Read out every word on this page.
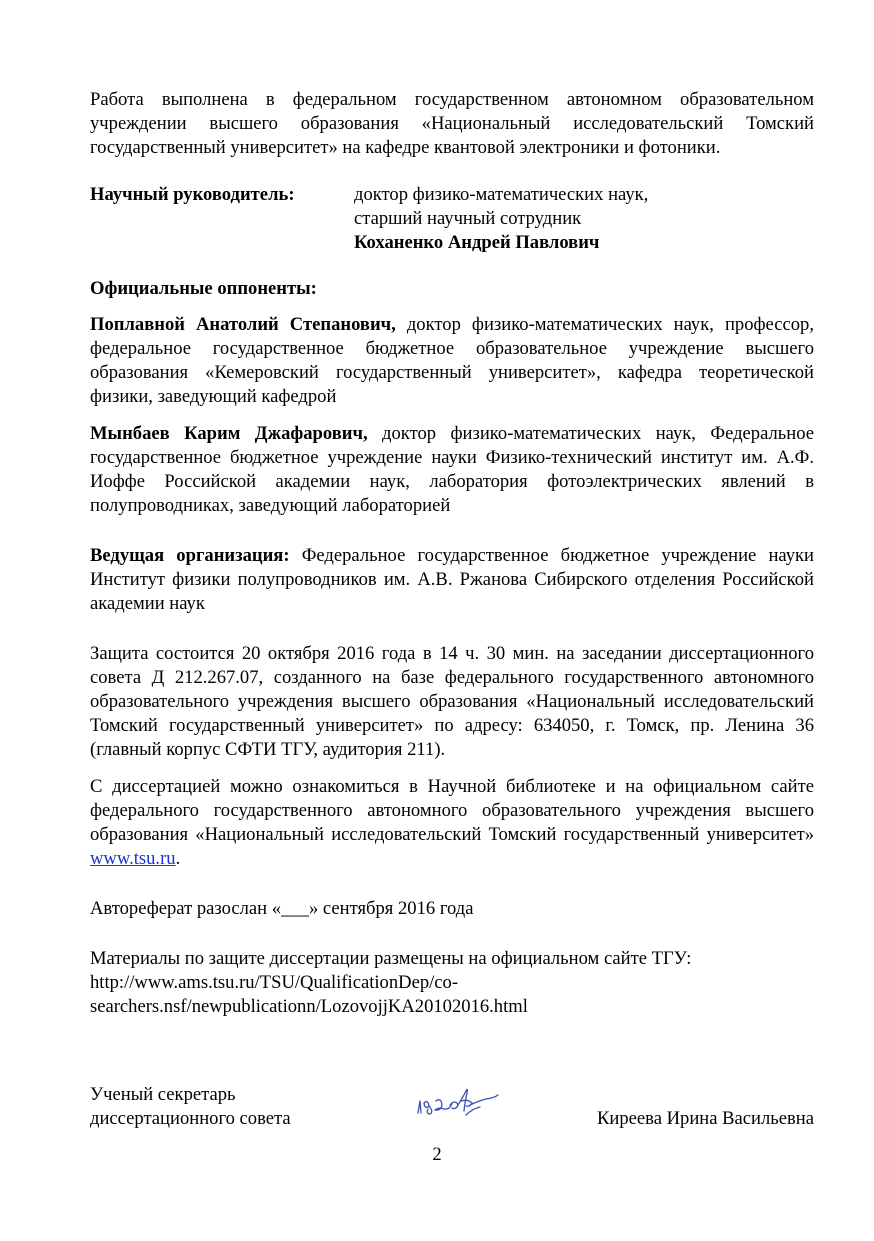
Работа выполнена в федеральном государственном автономном образовательном учреждении высшего образования «Национальный исследовательский Томский государственный университет» на кафедре квантовой электроники и фотоники.

Научный руководитель:	доктор физико-математических наук,
старший научный сотрудник
Коханенко Андрей Павлович

Официальные оппоненты:

Поплавной Анатолий Степанович, доктор физико-математических наук, профессор, федеральное государственное бюджетное образовательное учреждение высшего образования «Кемеровский государственный университет», кафедра теоретической физики, заведующий кафедрой

Мынбаев Карим Джафарович, доктор физико-математических наук, Федеральное государственное бюджетное учреждение науки Физико-технический институт им. А.Ф. Иоффе Российской академии наук, лаборатория фотоэлектрических явлений в полупроводниках, заведующий лабораторией

Ведущая организация: Федеральное государственное бюджетное учреждение науки Институт физики полупроводников им. А.В. Ржанова Сибирского отделения Российской академии наук

Защита состоится 20 октября 2016 года в 14 ч. 30 мин. на заседании диссертационного совета Д 212.267.07, созданного на базе федерального государственного автономного образовательного учреждения высшего образования «Национальный исследовательский Томский государственный университет» по адресу: 634050, г. Томск, пр. Ленина 36 (главный корпус СФТИ ТГУ, аудитория 211).

С диссертацией можно ознакомиться в Научной библиотеке и на официальном сайте федерального государственного автономного образовательного учреждения высшего образования «Национальный исследовательский Томский государственный университет» www.tsu.ru.

Автореферат разослан «___» сентября 2016 года

Материалы по защите диссертации размещены на официальном сайте ТГУ:
http://www.ams.tsu.ru/TSU/QualificationDep/co-
searchers.nsf/newpublicationn/LozovojjKA20102016.html
Ученый секретарь
диссертационного совета	Киреева Ирина Васильевна
2
